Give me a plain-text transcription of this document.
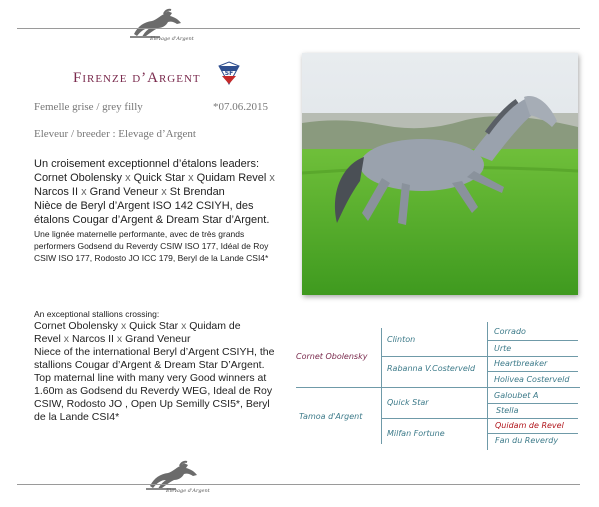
Elevage d'Argent
Firenze d’Argent	SF
Femelle grise / grey filly	*07.06.2015
Eleveur / breeder : Elevage d’Argent
Un croisement exceptionnel d’étalons leaders:
Cornet Obolensky x Quick Star x Quidam Revel x
Narcos II x Grand Veneur x St Brendan
Nièce de Beryl d’Argent ISO 142 CSIYH, des étalons Cougar d’Argent & Dream Star d’Argent.
Une lignée maternelle performante, avec de très grands performers Godsend du Reverdy CSIW ISO 177, Idéal de Roy CSIW ISO 177, Rodosto JO ICC 179, Beryl de la Lande CSI4*
An exceptional stallions crossing:
Cornet Obolensky x Quick Star x Quidam de
Revel x Narcos II x Grand Veneur
Niece of the international Beryl d’Argent CSIYH, the stallions Cougar d’Argent & Dream Star D’Argent. Top maternal line with many very Good winners at 1.60m as Godsend du Reverdy WEG, Ideal de Roy CSIW, Rodosto JO , Open Up Semilly CSI5*, Beryl de la Lande CSI4*
Cornet Obolensky
Tamoa d'Argent
Clinton
Rabanna V.Costerveld
Quick Star
Milfan Fortune
Corrado
Urte
Heartbreaker
Holivea Costerveld
Galoubet A
Stella
Quidam de Revel
Fan du Reverdy
Elevage d'Argent
